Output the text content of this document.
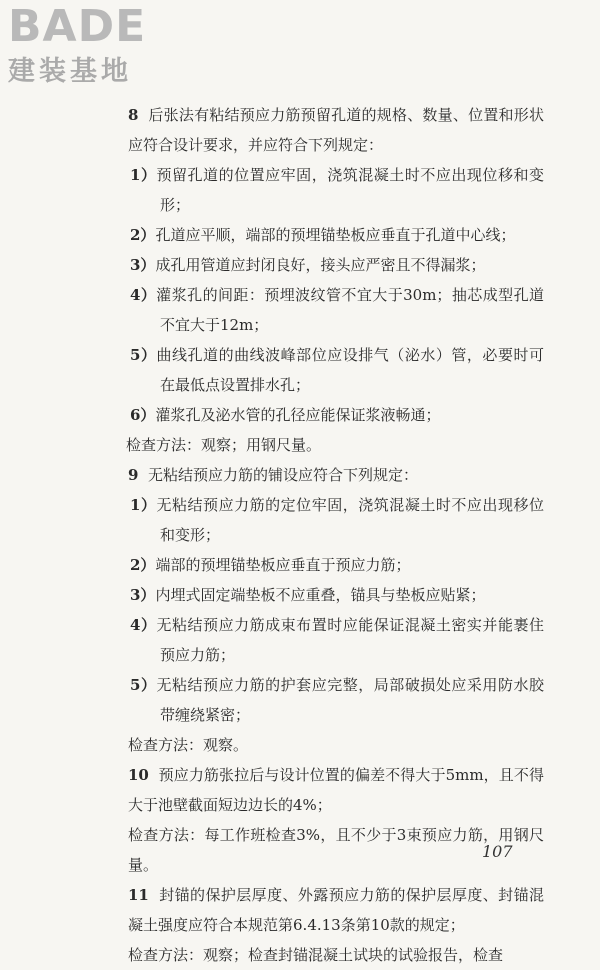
BADE
建装基地

8 后张法有粘结预应力筋预留孔道的规格、数量、位置和形状应符合设计要求，并应符合下列规定：

1）预留孔道的位置应牢固，浇筑混凝土时不应出现位移和变形；

2）孔道应平顺，端部的预埋锚垫板应垂直于孔道中心线；

3）成孔用管道应封闭良好，接头应严密且不得漏浆；

4）灌浆孔的间距：预埋波纹管不宜大于30m；抽芯成型孔道不宜大于12m；

5）曲线孔道的曲线波峰部位应设排气（泌水）管，必要时可在最低点设置排水孔；

6）灌浆孔及泌水管的孔径应能保证浆液畅通；

检查方法：观察；用钢尺量。

9 无粘结预应力筋的铺设应符合下列规定：

1）无粘结预应力筋的定位牢固，浇筑混凝土时不应出现移位和变形；

2）端部的预埋锚垫板应垂直于预应力筋；

3）内埋式固定端垫板不应重叠，锚具与垫板应贴紧；

4）无粘结预应力筋成束布置时应能保证混凝土密实并能裹住预应力筋；

5）无粘结预应力筋的护套应完整，局部破损处应采用防水胶带缠绕紧密；

检查方法：观察。

10 预应力筋张拉后与设计位置的偏差不得大于5mm，且不得大于池壁截面短边边长的4%；

检查方法：每工作班检查3%，且不少于3束预应力筋，用钢尺量。

11 封锚的保护层厚度、外露预应力筋的保护层厚度、封锚混凝土强度应符合本规范第6.4.13条第10款的规定；

检查方法：观察；检查封锚混凝土试块的试验报告，检查

107
